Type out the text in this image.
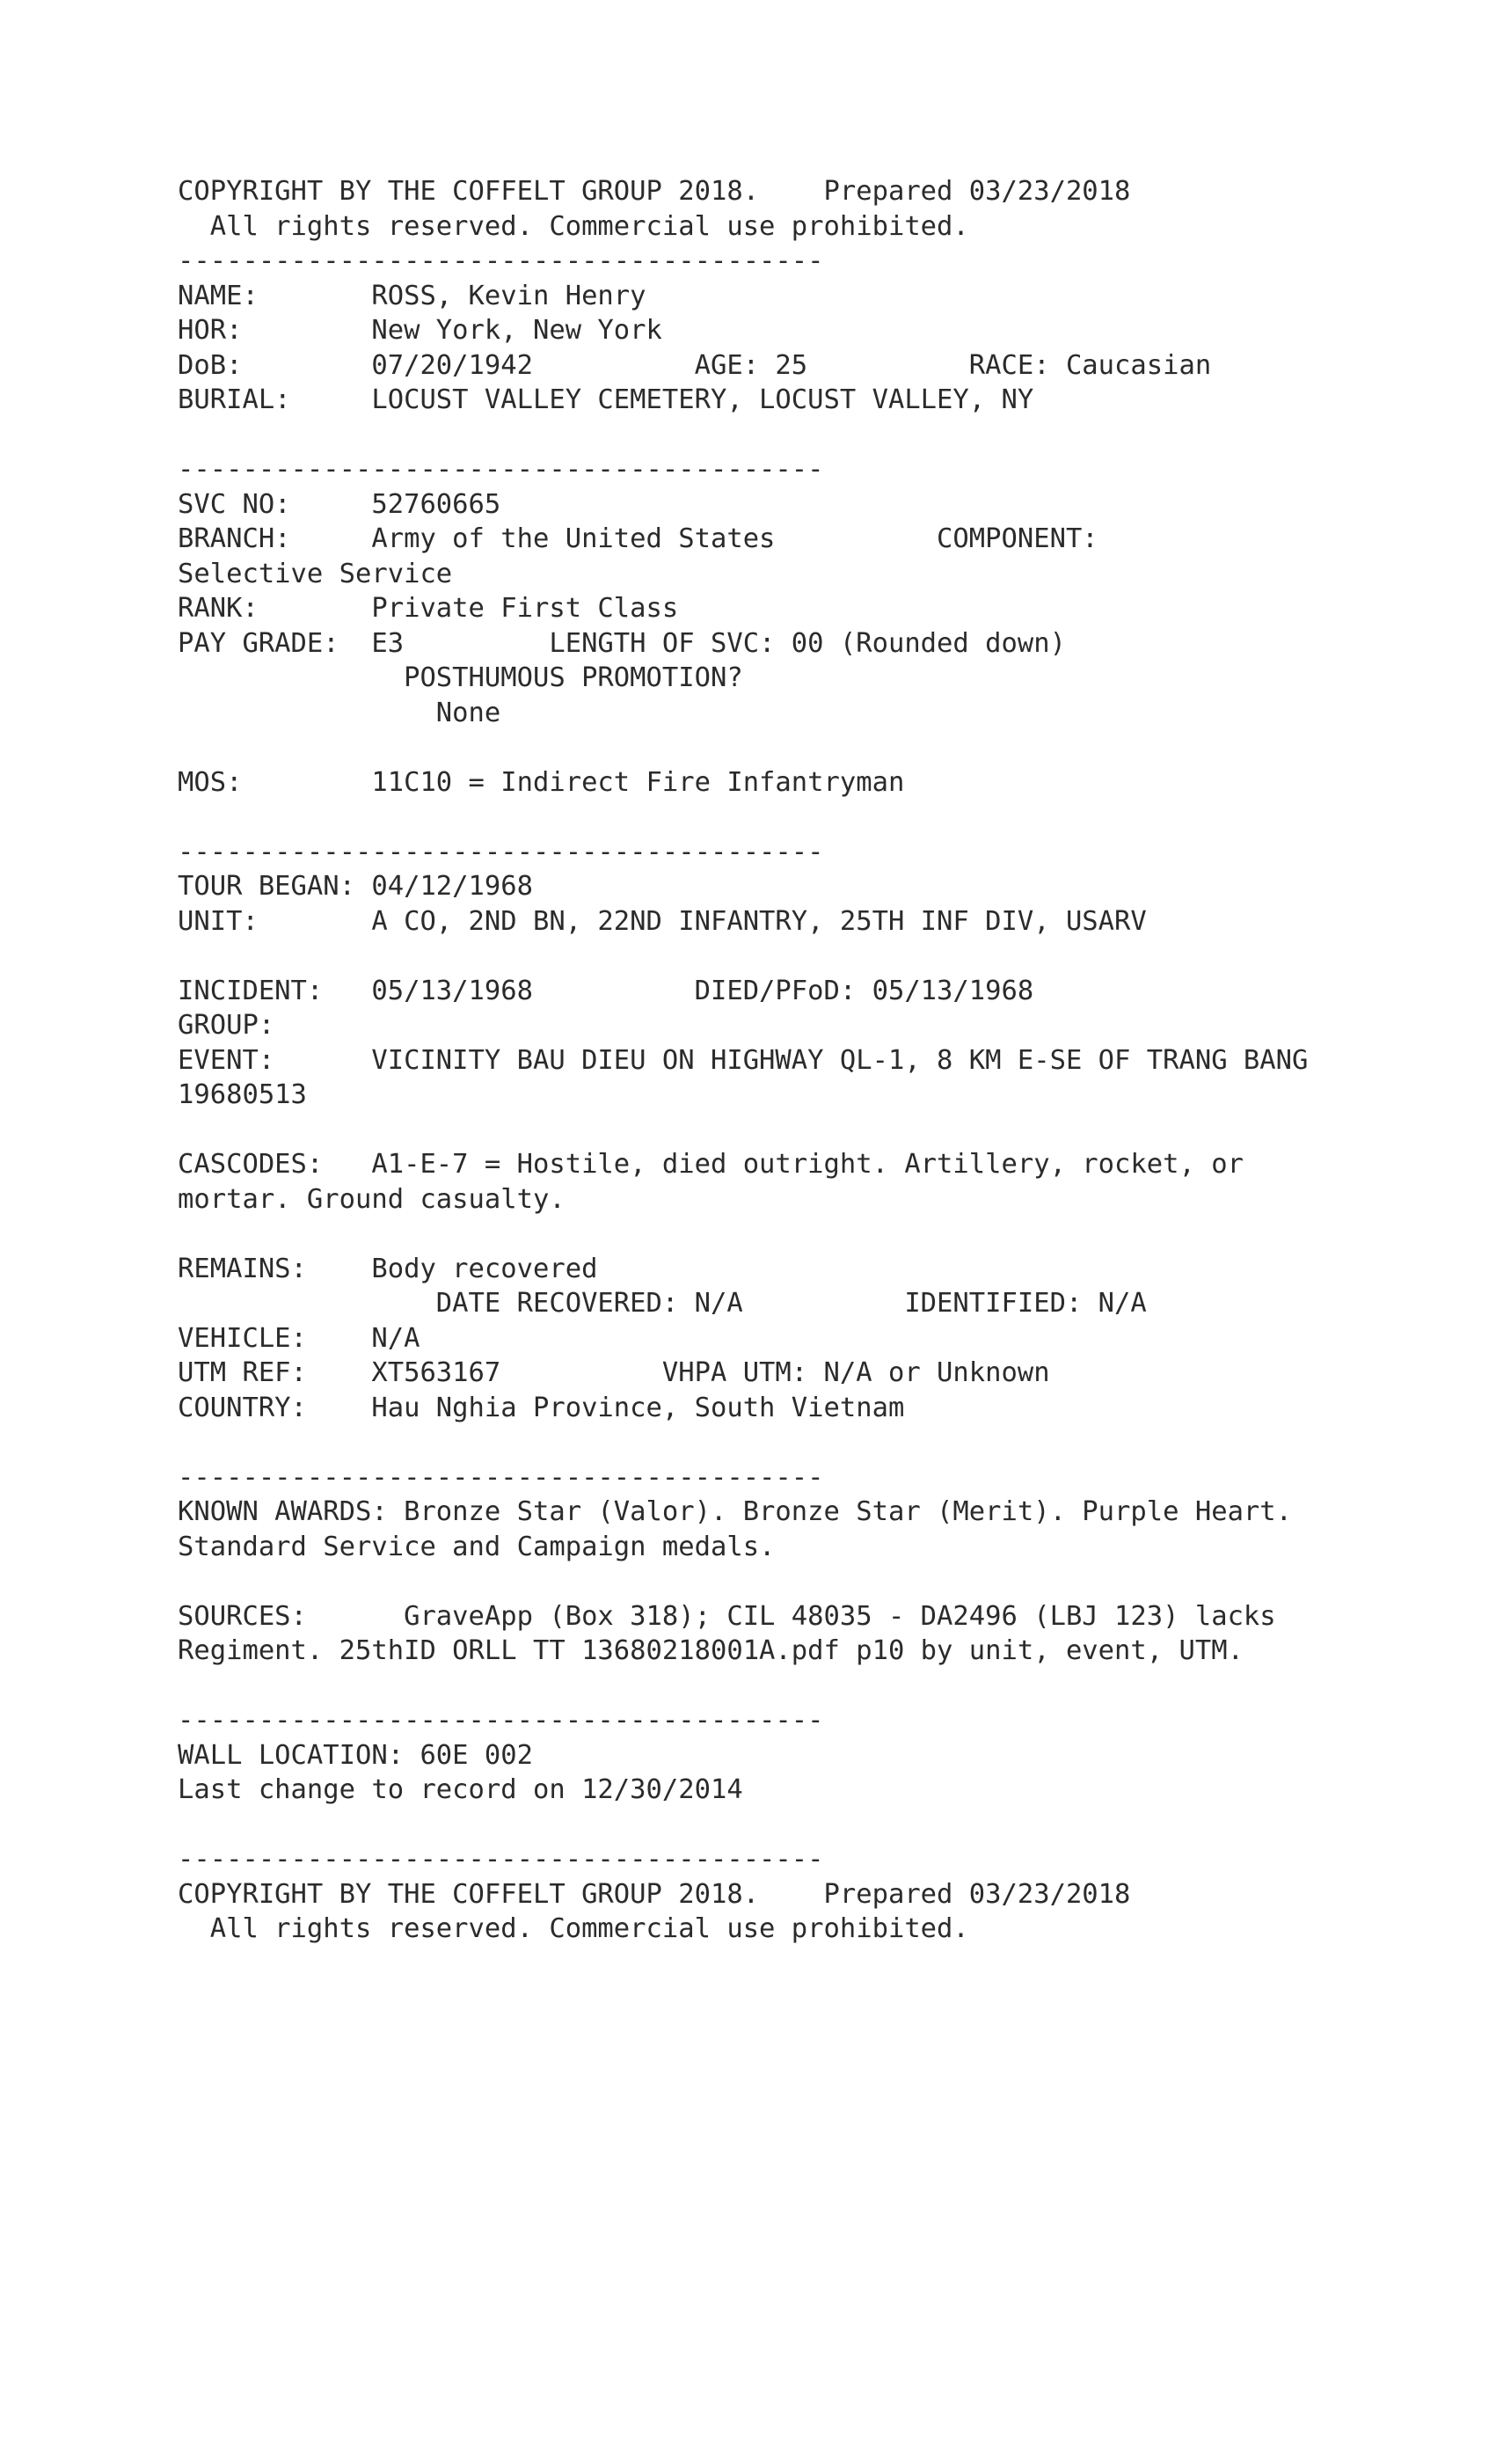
COPYRIGHT BY THE COFFELT GROUP 2018.    Prepared 03/23/2018
All rights reserved. Commercial use prohibited.
----------------------------------------
NAME:       ROSS, Kevin Henry
HOR:        New York, New York
DoB:        07/20/1942          AGE: 25          RACE: Caucasian
BURIAL:     LOCUST VALLEY CEMETERY, LOCUST VALLEY, NY
----------------------------------------
SVC NO:     52760665
BRANCH:     Army of the United States          COMPONENT:
Selective Service
RANK:       Private First Class
PAY GRADE:  E3         LENGTH OF SVC: 00 (Rounded down)
POSTHUMOUS PROMOTION?
None
MOS:        11C10 = Indirect Fire Infantryman
----------------------------------------
TOUR BEGAN: 04/12/1968
UNIT:       A CO, 2ND BN, 22ND INFANTRY, 25TH INF DIV, USARV
INCIDENT:   05/13/1968          DIED/PFoD: 05/13/1968
GROUP:
EVENT:      VICINITY BAU DIEU ON HIGHWAY QL-1, 8 KM E-SE OF TRANG BANG 19680513
CASCODES:   A1-E-7 = Hostile, died outright. Artillery, rocket, or mortar. Ground casualty.
REMAINS:    Body recovered
DATE RECOVERED: N/A          IDENTIFIED: N/A
VEHICLE:    N/A
UTM REF:    XT563167          VHPA UTM: N/A or Unknown
COUNTRY:    Hau Nghia Province, South Vietnam
----------------------------------------
KNOWN AWARDS: Bronze Star (Valor). Bronze Star (Merit). Purple Heart. Standard Service and Campaign medals.
SOURCES:      GraveApp (Box 318); CIL 48035 - DA2496 (LBJ 123) lacks Regiment. 25thID ORLL TT 13680218001A.pdf p10 by unit, event, UTM.
----------------------------------------
WALL LOCATION: 60E 002
Last change to record on 12/30/2014
----------------------------------------
COPYRIGHT BY THE COFFELT GROUP 2018.    Prepared 03/23/2018
All rights reserved. Commercial use prohibited.
